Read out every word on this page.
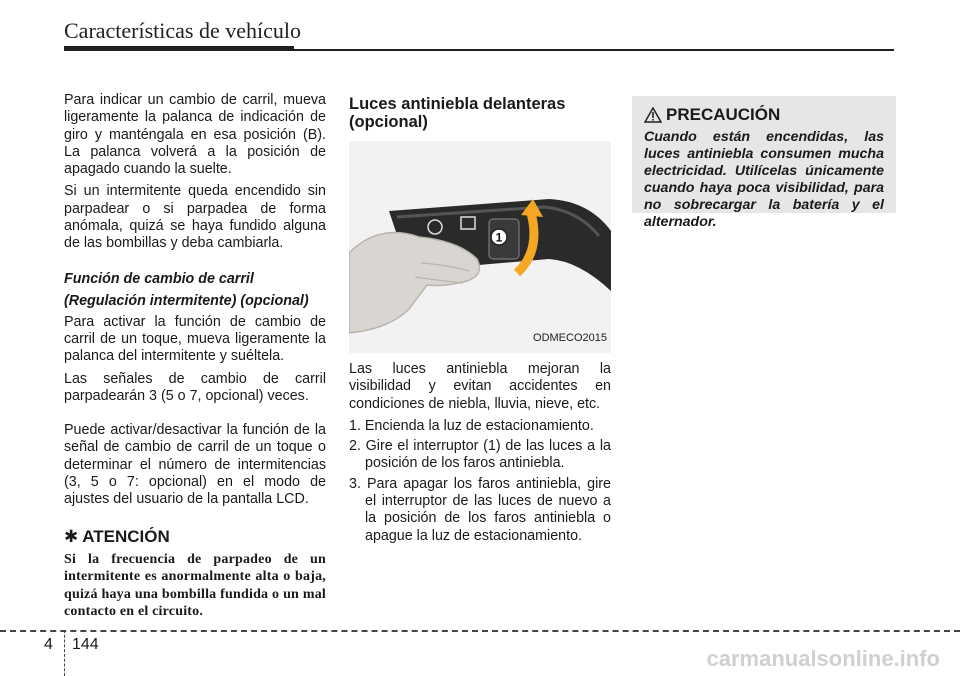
Características de vehículo

Para indicar un cambio de carril, mueva ligeramente la palanca de indicación de giro y manténgala en esa posición (B). La palanca volverá a la posición de apagado cuando la suelte.

Si un intermitente queda encendido sin parpadear o si parpadea de forma anómala, quizá se haya fundido alguna de las bombillas y deba cambiarla.

Función de cambio de carril
(Regulación intermitente) (opcional)

Para activar la función de cambio de carril de un toque, mueva ligeramente la palanca del intermitente y suéltela.

Las señales de cambio de carril parpadearán 3 (5 o 7, opcional) veces.

Puede activar/desactivar la función de la señal de cambio de carril de un toque o determinar el número de intermitencias (3, 5 o 7: opcional) en el modo de ajustes del usuario de la pantalla LCD.

✱ ATENCIÓN
Si la frecuencia de parpadeo de un intermitente es anormalmente alta o baja, quizá haya una bombilla fundida o un mal contacto en el circuito.
Luces antiniebla delanteras (opcional)
1
ODMECO2015

Las luces antiniebla mejoran la visibilidad y evitan accidentes en condiciones de niebla, lluvia, nieve, etc.

1. Encienda la luz de estacionamiento.
2. Gire el interruptor (1) de las luces a la posición de los faros antiniebla.
3. Para apagar los faros antiniebla, gire el interruptor de las luces de nuevo a la posición de los faros antiniebla o apague la luz de estacionamiento.
PRECAUCIÓN
Cuando están encendidas, las luces antiniebla consumen mucha electricidad. Utilícelas únicamente cuando haya poca visibilidad, para no sobrecargar la batería y el alternador.
4 144
carmanualsonline.info
